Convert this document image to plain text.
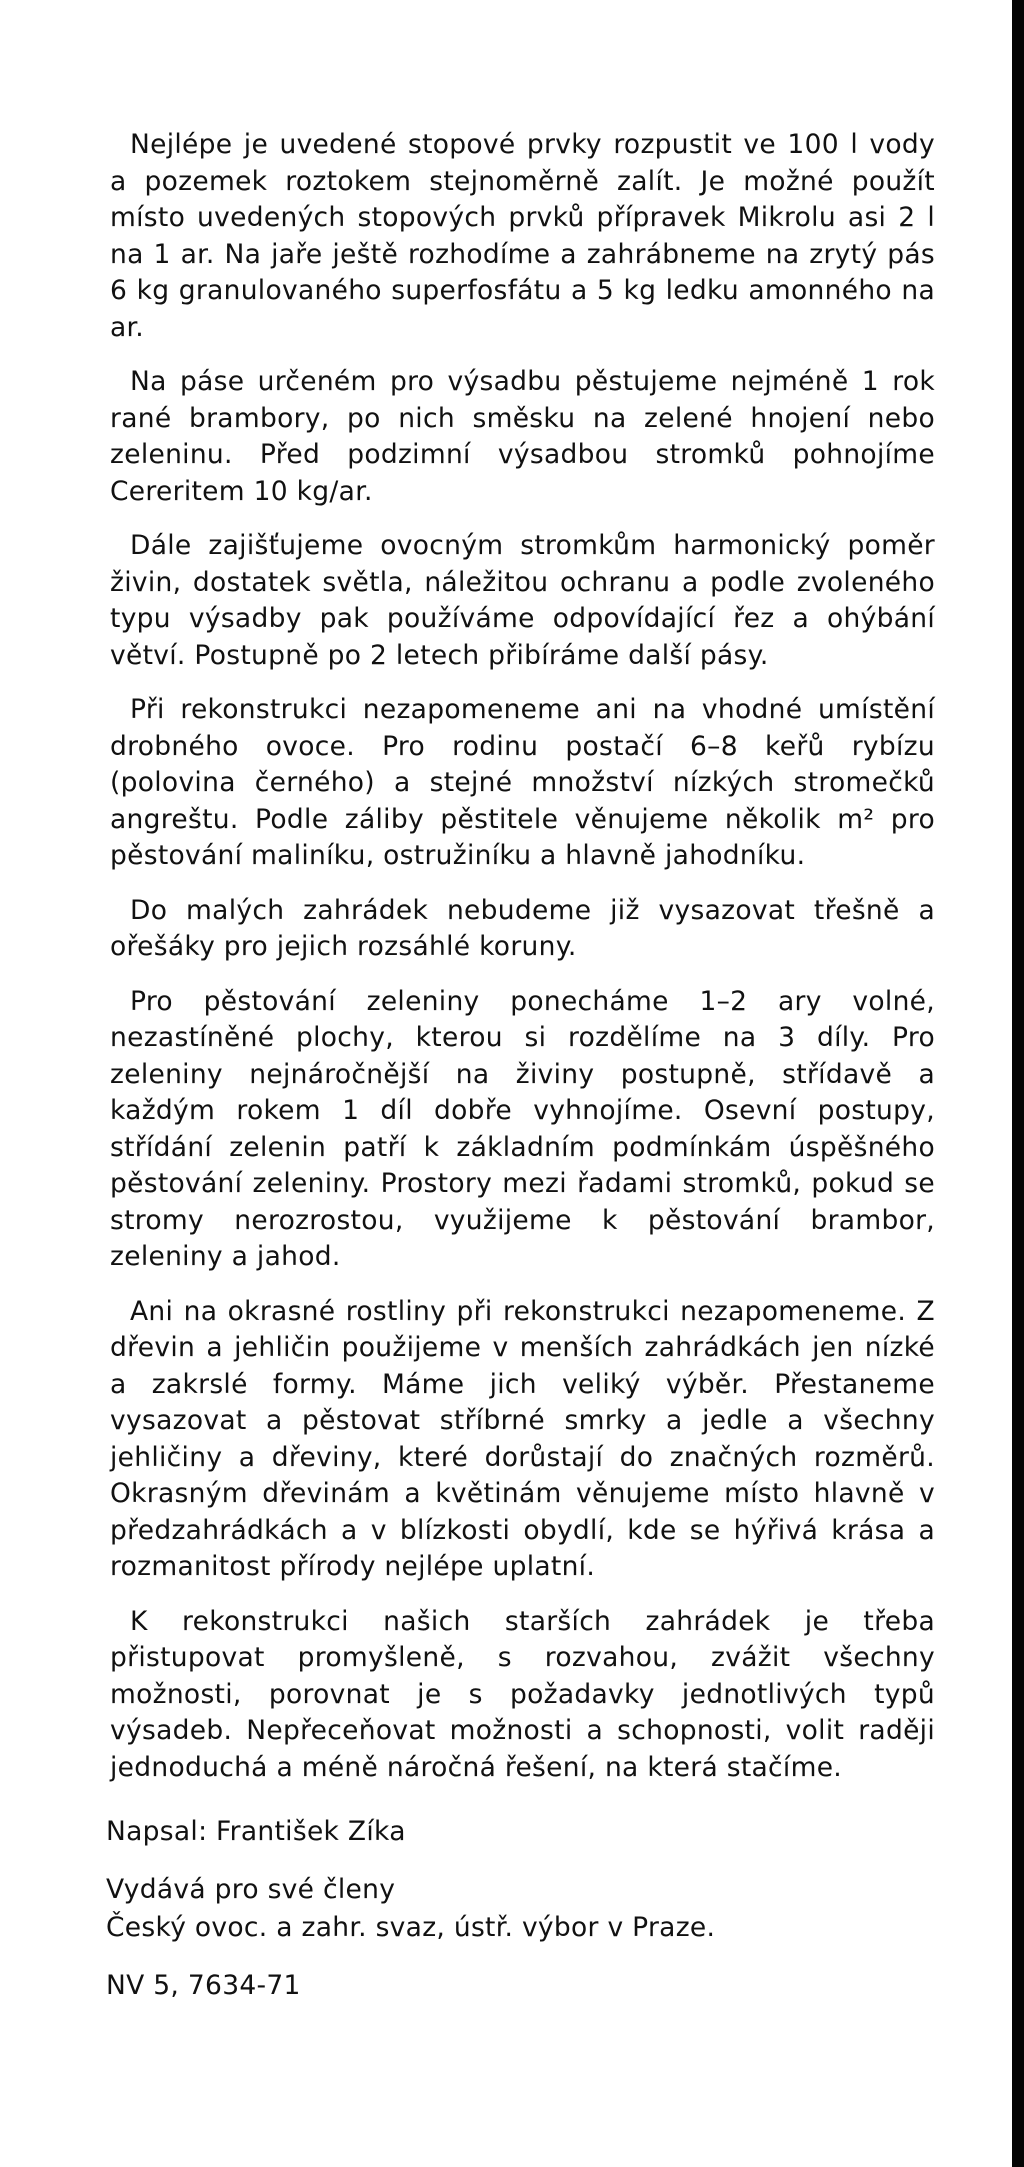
Nejlépe je uvedené stopové prvky rozpustit ve 100 l vody a pozemek roztokem stejnoměrně zalít. Je možné použít místo uvedených stopových prvků přípravek Mikrolu asi 2 l na 1 ar. Na jaře ještě rozhodíme a zahrábneme na zrytý pás 6 kg granulovaného superfosfátu a 5 kg ledku amonného na ar.

Na páse určeném pro výsadbu pěstujeme nejméně 1 rok rané brambory, po nich směsku na zelené hnojení nebo zeleninu. Před podzimní výsadbou stromků pohnojíme Cereritem 10 kg/ar.

Dále zajišťujeme ovocným stromkům harmonický poměr živin, dostatek světla, náležitou ochranu a podle zvoleného typu výsadby pak používáme odpovídající řez a ohýbání větví. Postupně po 2 letech přibíráme další pásy.

Při rekonstrukci nezapomeneme ani na vhodné umístění drobného ovoce. Pro rodinu postačí 6–8 keřů rybízu (polovina černého) a stejné množství nízkých stromečků angreštu. Podle záliby pěstitele věnujeme několik m² pro pěstování maliníku, ostružiníku a hlavně jahodníku.

Do malých zahrádek nebudeme již vysazovat třešně a ořešáky pro jejich rozsáhlé koruny.

Pro pěstování zeleniny ponecháme 1–2 ary volné, nezastíněné plochy, kterou si rozdělíme na 3 díly. Pro zeleniny nejnáročnější na živiny postupně, střídavě a každým rokem 1 díl dobře vyhnojíme. Osevní postupy, střídání zelenin patří k základním podmínkám úspěšného pěstování zeleniny. Prostory mezi řadami stromků, pokud se stromy nerozrostou, využijeme k pěstování brambor, zeleniny a jahod.

Ani na okrasné rostliny při rekonstrukci nezapomeneme. Z dřevin a jehličin použijeme v menších zahrádkách jen nízké a zakrslé formy. Máme jich veliký výběr. Přestaneme vysazovat a pěstovat stříbrné smrky a jedle a všechny jehličiny a dřeviny, které dorůstají do značných rozměrů. Okrasným dřevinám a květinám věnujeme místo hlavně v předzahrádkách a v blízkosti obydlí, kde se hýřivá krása a rozmanitost přírody nejlépe uplatní.

K rekonstrukci našich starších zahrádek je třeba přistupovat promyšleně, s rozvahou, zvážit všechny možnosti, porovnat je s požadavky jednotlivých typů výsadeb. Nepřeceňovat možnosti a schopnosti, volit raději jednoduchá a méně náročná řešení, na která stačíme.

Napsal: František Zíka
Vydává pro své členy
Český ovoc. a zahr. svaz, ústř. výbor v Praze.
NV 5, 7634-71
